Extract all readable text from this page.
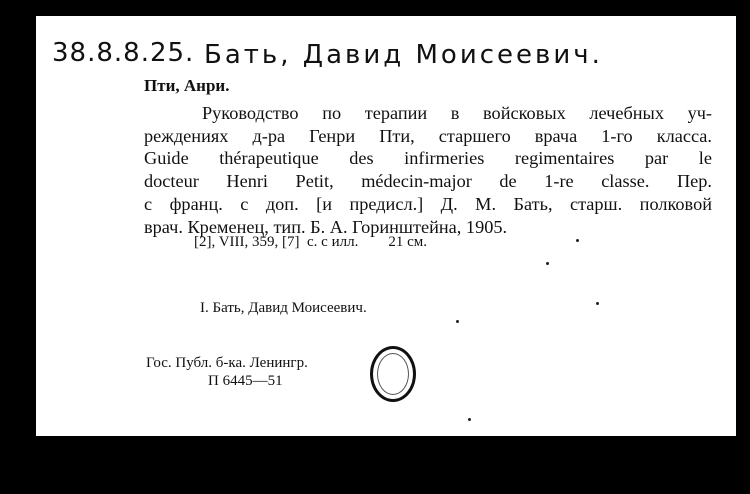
38.8.8.25. Бать, Давид Моисеевич.
Пти, Анри.
Руководство по терапии в войсковых лечебных уч-
реждениях д-ра Генри Пти, старшего врача 1-го класса.
Guide thérapeutique des infirmeries regimentaires par le
docteur Henri Petit, médecin-major de 1-re classe. Пер.
с франц. с доп. [и предисл.] Д. М. Бать, старш. полковой
врач. Кременец, тип. Б. А. Горинштейна, 1905.
[2], VIII, 359, [7]  с. с илл.        21 см.
I. Бать, Давид Моисеевич.
Гос. Публ. б-ка. Ленингр.
П 6445—51
